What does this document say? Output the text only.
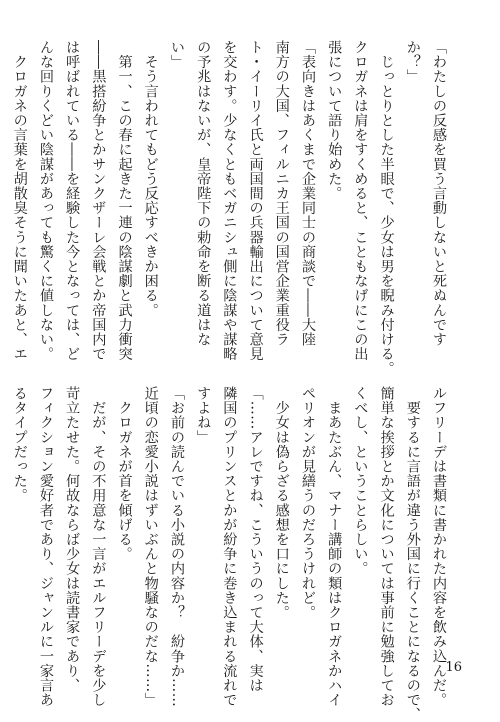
「わたしの反感を買う言動しないと死ぬんです
か？」
　じっとりとした半眼で、少女は男を睨み付ける。
クロガネは肩をすくめると、こともなげにこの出
張について語り始めた。
「表向きはあくまで企業同士の商談で――大陸
南方の大国、フィルニカ王国の国営企業重役ラ
ト・イーリイ氏と両国間の兵器輸出について意見
を交わす。少なくともベガニシュ側に陰謀や謀略
の予兆はないが、皇帝陛下の勅命を断る道はな
い」
　そう言われてもどう反応すべきか困る。
　第一、この春に起きた一連の陰謀劇と武力衝突
――黒搭紛争とかサンクザーレ会戦とか帝国内で
は呼ばれている――を経験した今となっては、ど
んな回りくどい陰謀があっても驚くに値しない。
　クロガネの言葉を胡散臭そうに聞いたあと、エ
ルフリーデは書類に書かれた内容を飲み込んだ。
　要するに言語が違う外国に行くことになるので、
簡単な挨拶とか文化については事前に勉強してお
くべし、ということらしい。
　まあたぶん、マナー講師の類はクロガネかハイ
ペリオンが見繕うのだろうけれど。
　少女は偽らざる感想を口にした。
「……アレですね、こういうのって大体、実は
隣国のプリンスとかが紛争に巻き込まれる流れで
すよね」
「お前の読んでいる小説の内容か？　紛争か……
近頃の恋愛小説はずいぶんと物騒なのだな……」
　クロガネが首を傾げる。
　だが、その不用意な一言がエルフリーデを少し
苛立たせた。何故ならば少女は読書家であり、
フィクション愛好者であり、ジャンルに一家言あ
るタイプだった。
16
